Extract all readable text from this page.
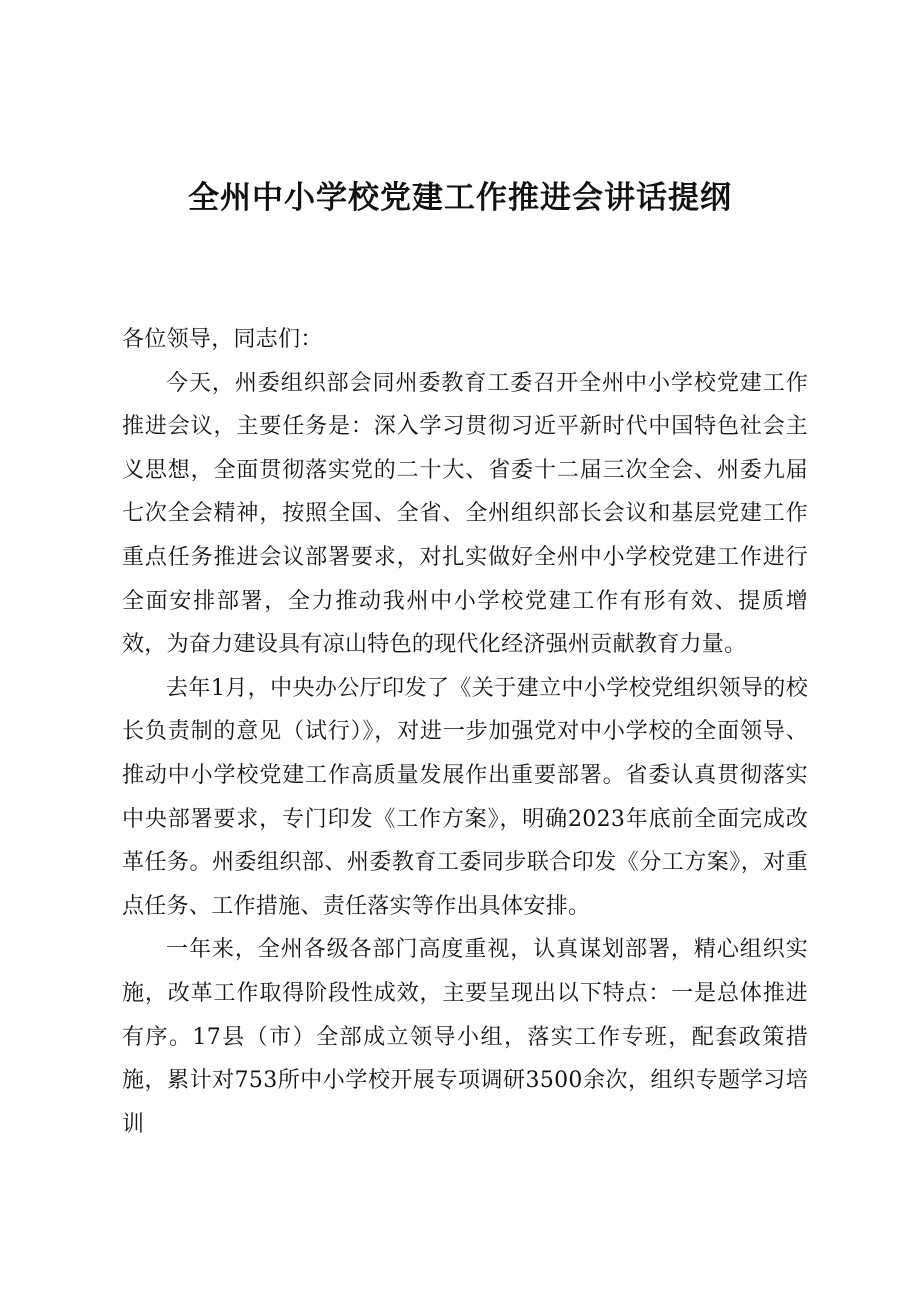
全州中小学校党建工作推进会讲话提纲

各位领导，同志们：

今天，州委组织部会同州委教育工委召开全州中小学校党建工作推进会议，主要任务是：深入学习贯彻习近平新时代中国特色社会主义思想，全面贯彻落实党的二十大、省委十二届三次全会、州委九届七次全会精神，按照全国、全省、全州组织部长会议和基层党建工作重点任务推进会议部署要求，对扎实做好全州中小学校党建工作进行全面安排部署，全力推动我州中小学校党建工作有形有效、提质增效，为奋力建设具有凉山特色的现代化经济强州贡献教育力量。

去年1月，中央办公厅印发了《关于建立中小学校党组织领导的校长负责制的意见（试行）》，对进一步加强党对中小学校的全面领导、推动中小学校党建工作高质量发展作出重要部署。省委认真贯彻落实中央部署要求，专门印发《工作方案》，明确2023年底前全面完成改革任务。州委组织部、州委教育工委同步联合印发《分工方案》，对重点任务、工作措施、责任落实等作出具体安排。

一年来，全州各级各部门高度重视，认真谋划部署，精心组织实施，改革工作取得阶段性成效，主要呈现出以下特点：一是总体推进有序。17县（市）全部成立领导小组，落实工作专班，配套政策措施，累计对753所中小学校开展专项调研3500余次，组织专题学习培训
